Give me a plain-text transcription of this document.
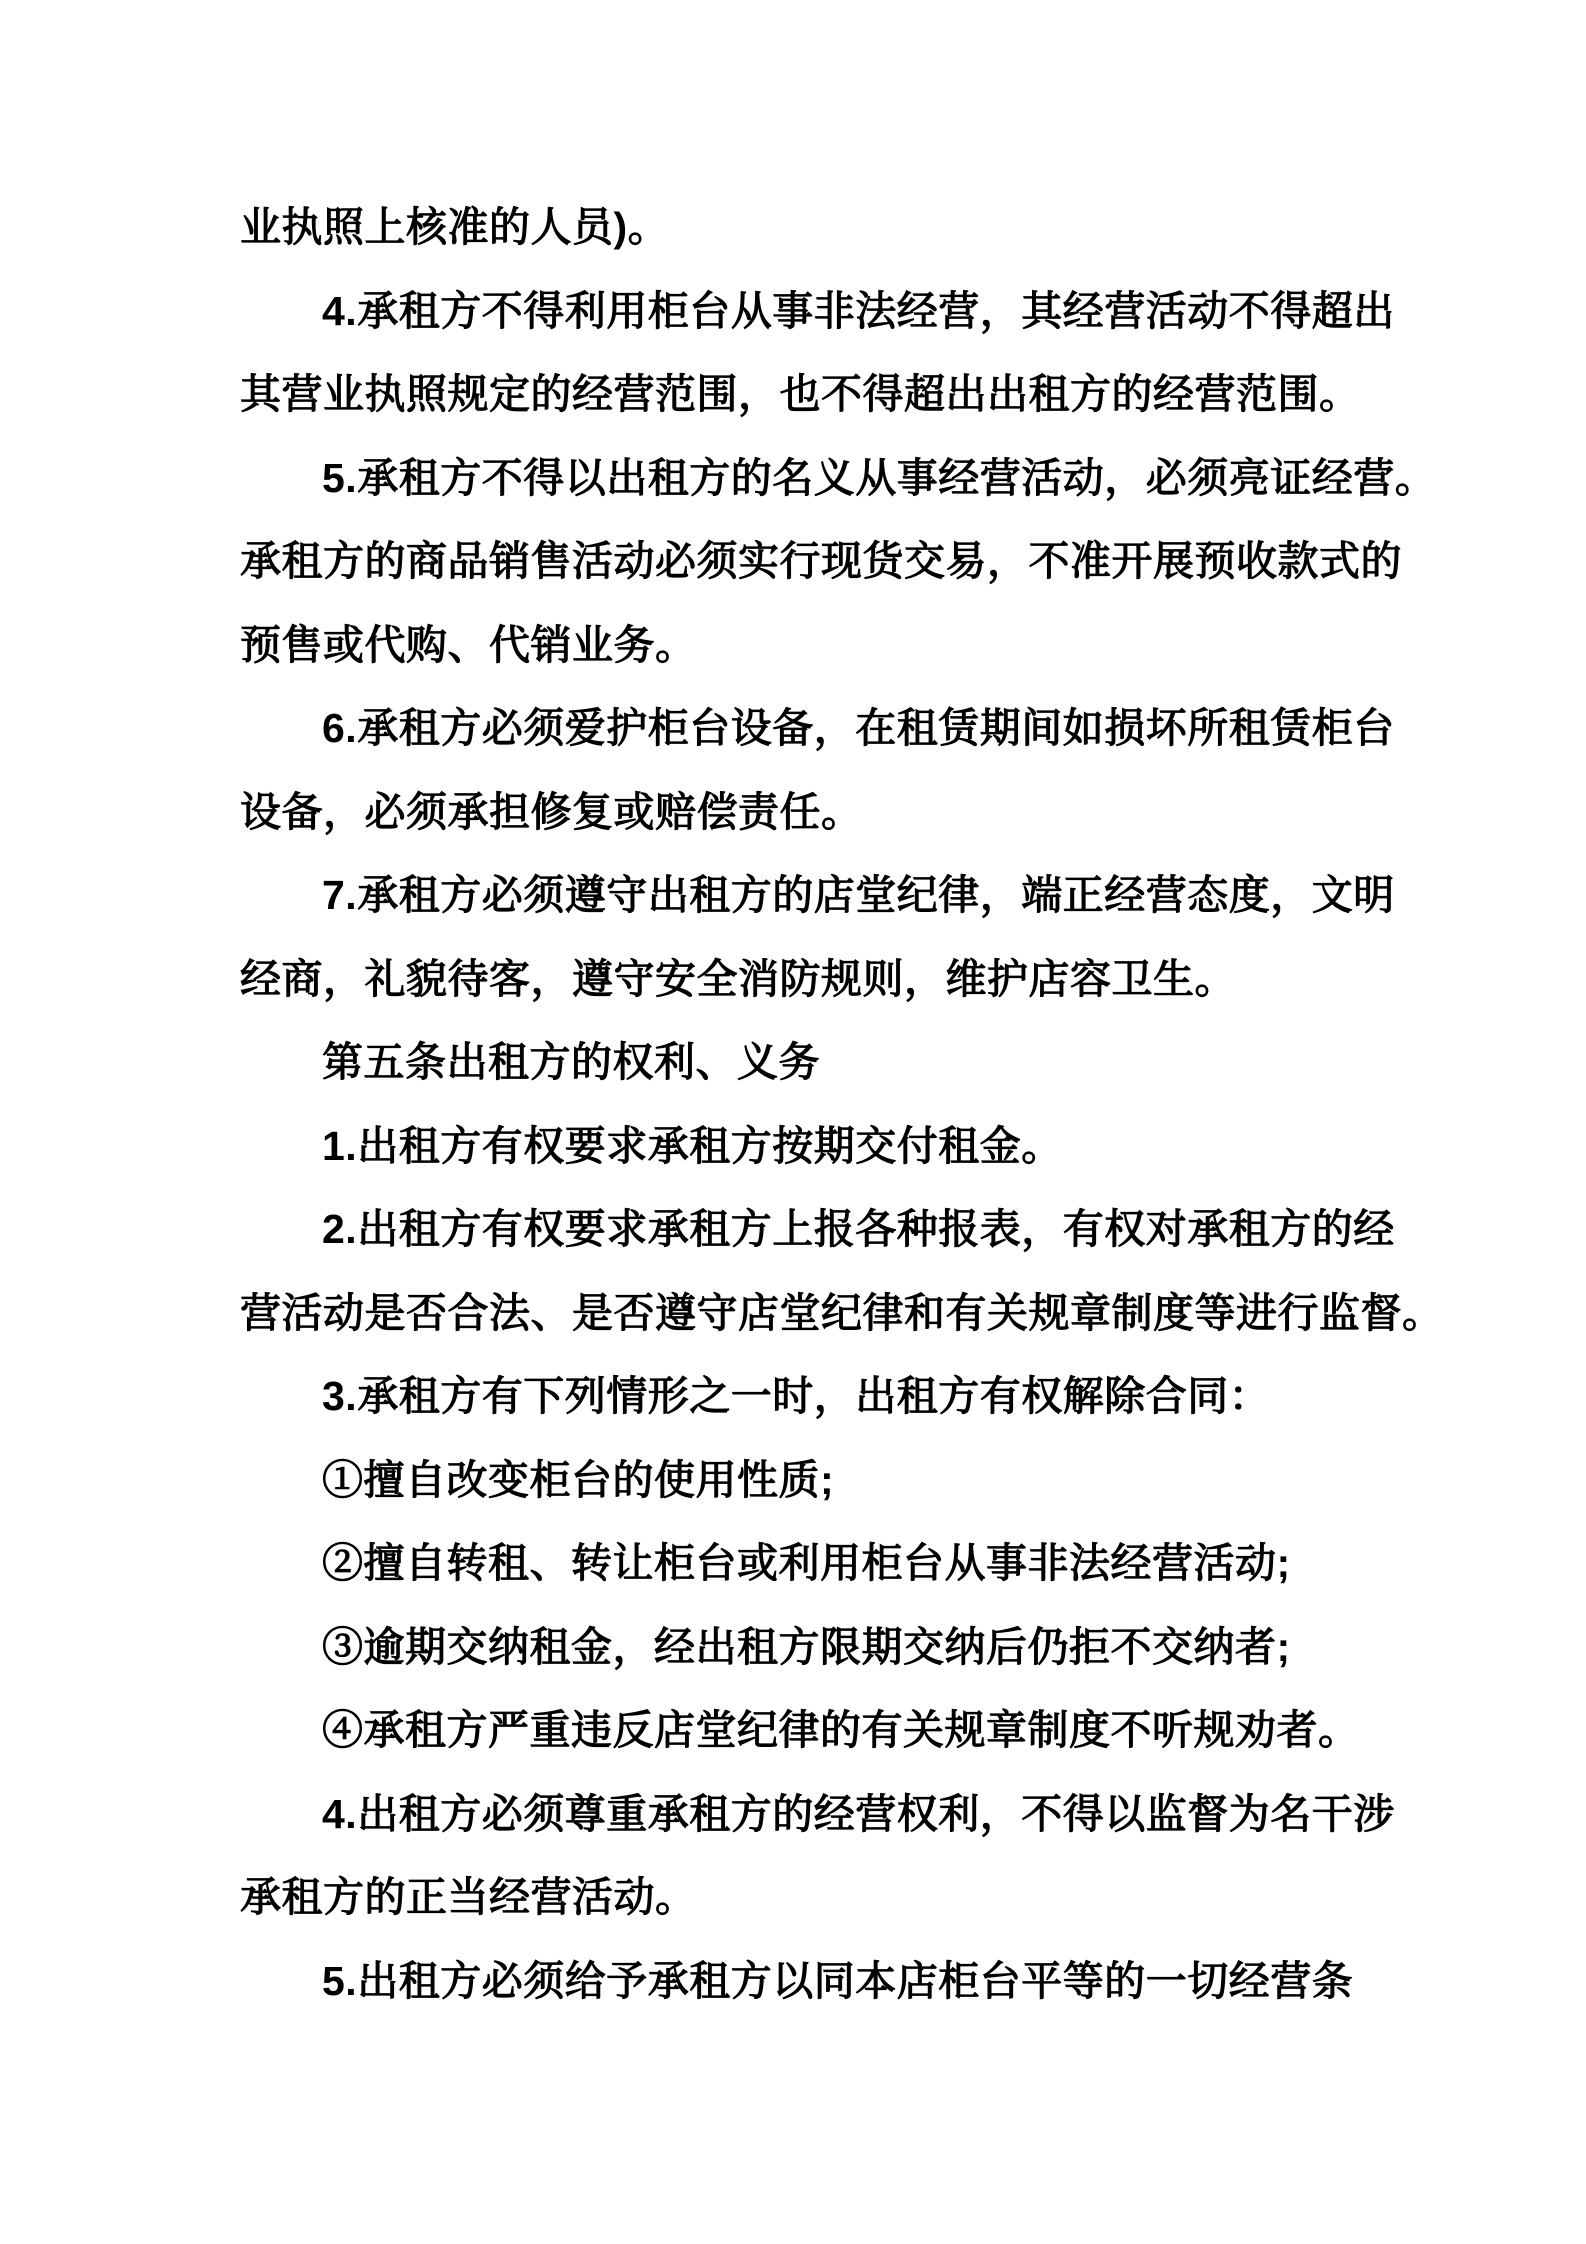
业执照上核准的人员)。
4.承租方不得利用柜台从事非法经营，其经营活动不得超出
其营业执照规定的经营范围，也不得超出出租方的经营范围。
5.承租方不得以出租方的名义从事经营活动，必须亮证经营。
承租方的商品销售活动必须实行现货交易，不准开展预收款式的
预售或代购、代销业务。
6.承租方必须爱护柜台设备，在租赁期间如损坏所租赁柜台
设备，必须承担修复或赔偿责任。
7.承租方必须遵守出租方的店堂纪律，端正经营态度，文明
经商，礼貌待客，遵守安全消防规则，维护店容卫生。
第五条出租方的权利、义务
1.出租方有权要求承租方按期交付租金。
2.出租方有权要求承租方上报各种报表，有权对承租方的经
营活动是否合法、是否遵守店堂纪律和有关规章制度等进行监督。
3.承租方有下列情形之一时，出租方有权解除合同：
①擅自改变柜台的使用性质;
②擅自转租、转让柜台或利用柜台从事非法经营活动;
③逾期交纳租金，经出租方限期交纳后仍拒不交纳者;
④承租方严重违反店堂纪律的有关规章制度不听规劝者。
4.出租方必须尊重承租方的经营权利，不得以监督为名干涉
承租方的正当经营活动。
5.出租方必须给予承租方以同本店柜台平等的一切经营条
